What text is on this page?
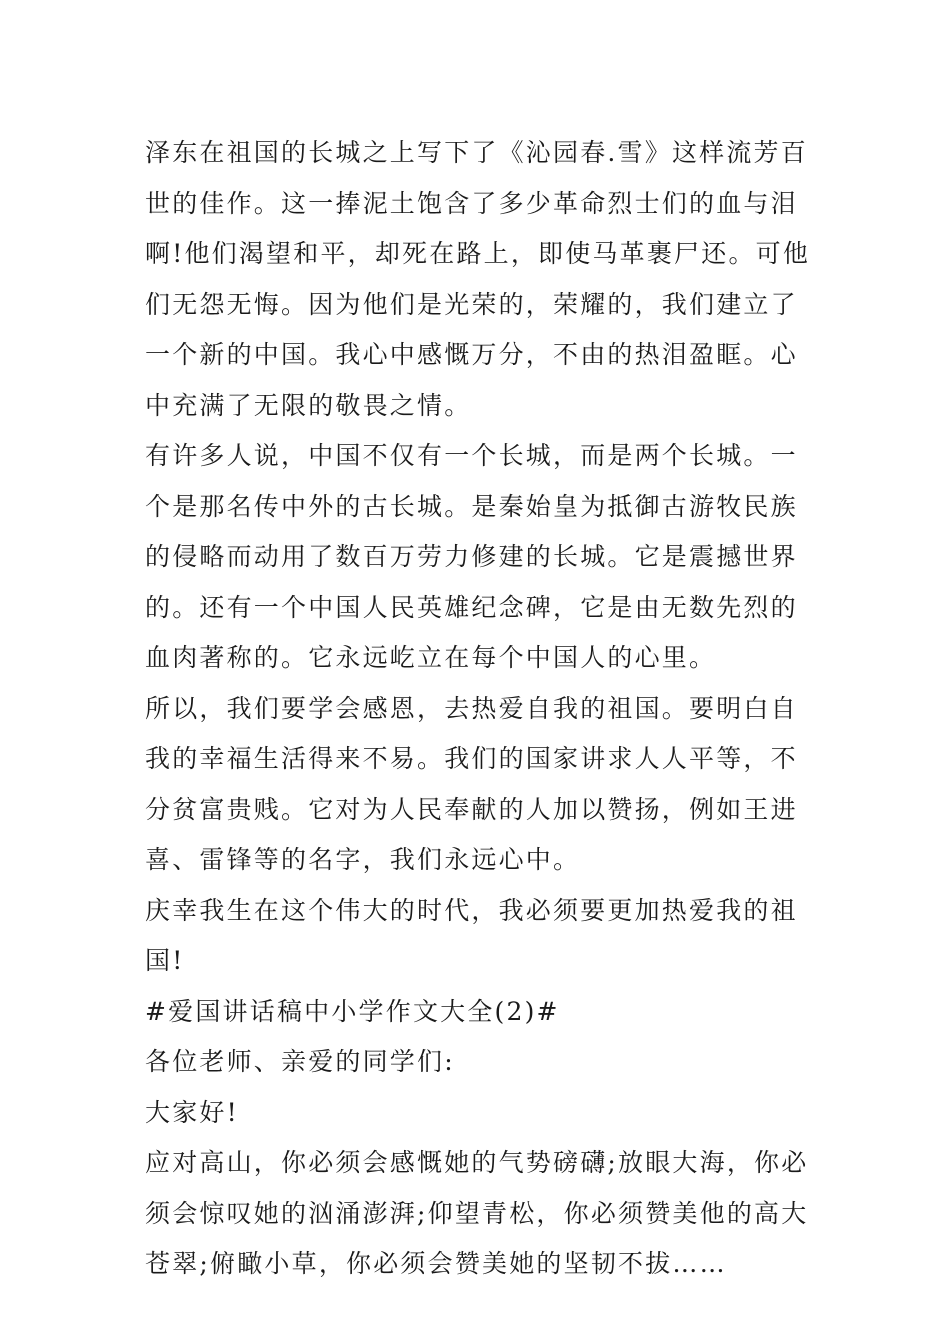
泽东在祖国的长城之上写下了《沁园春.雪》这样流芳百世的佳作。这一捧泥土饱含了多少革命烈士们的血与泪啊!他们渴望和平，却死在路上，即使马革裹尸还。可他们无怨无悔。因为他们是光荣的，荣耀的，我们建立了一个新的中国。我心中感慨万分，不由的热泪盈眶。心中充满了无限的敬畏之情。

有许多人说，中国不仅有一个长城，而是两个长城。一个是那名传中外的古长城。是秦始皇为抵御古游牧民族的侵略而动用了数百万劳力修建的长城。它是震撼世界的。还有一个中国人民英雄纪念碑，它是由无数先烈的血肉著称的。它永远屹立在每个中国人的心里。

所以，我们要学会感恩，去热爱自我的祖国。要明白自我的幸福生活得来不易。我们的国家讲求人人平等，不分贫富贵贱。它对为人民奉献的人加以赞扬，例如王进喜、雷锋等的名字，我们永远心中。

庆幸我生在这个伟大的时代，我必须要更加热爱我的祖国!

#爱国讲话稿中小学作文大全(2)#

各位老师、亲爱的同学们:

大家好!

应对高山，你必须会感慨她的气势磅礴;放眼大海，你必须会惊叹她的汹涌澎湃;仰望青松，你必须赞美他的高大苍翠;俯瞰小草，你必须会赞美她的坚韧不拔……
